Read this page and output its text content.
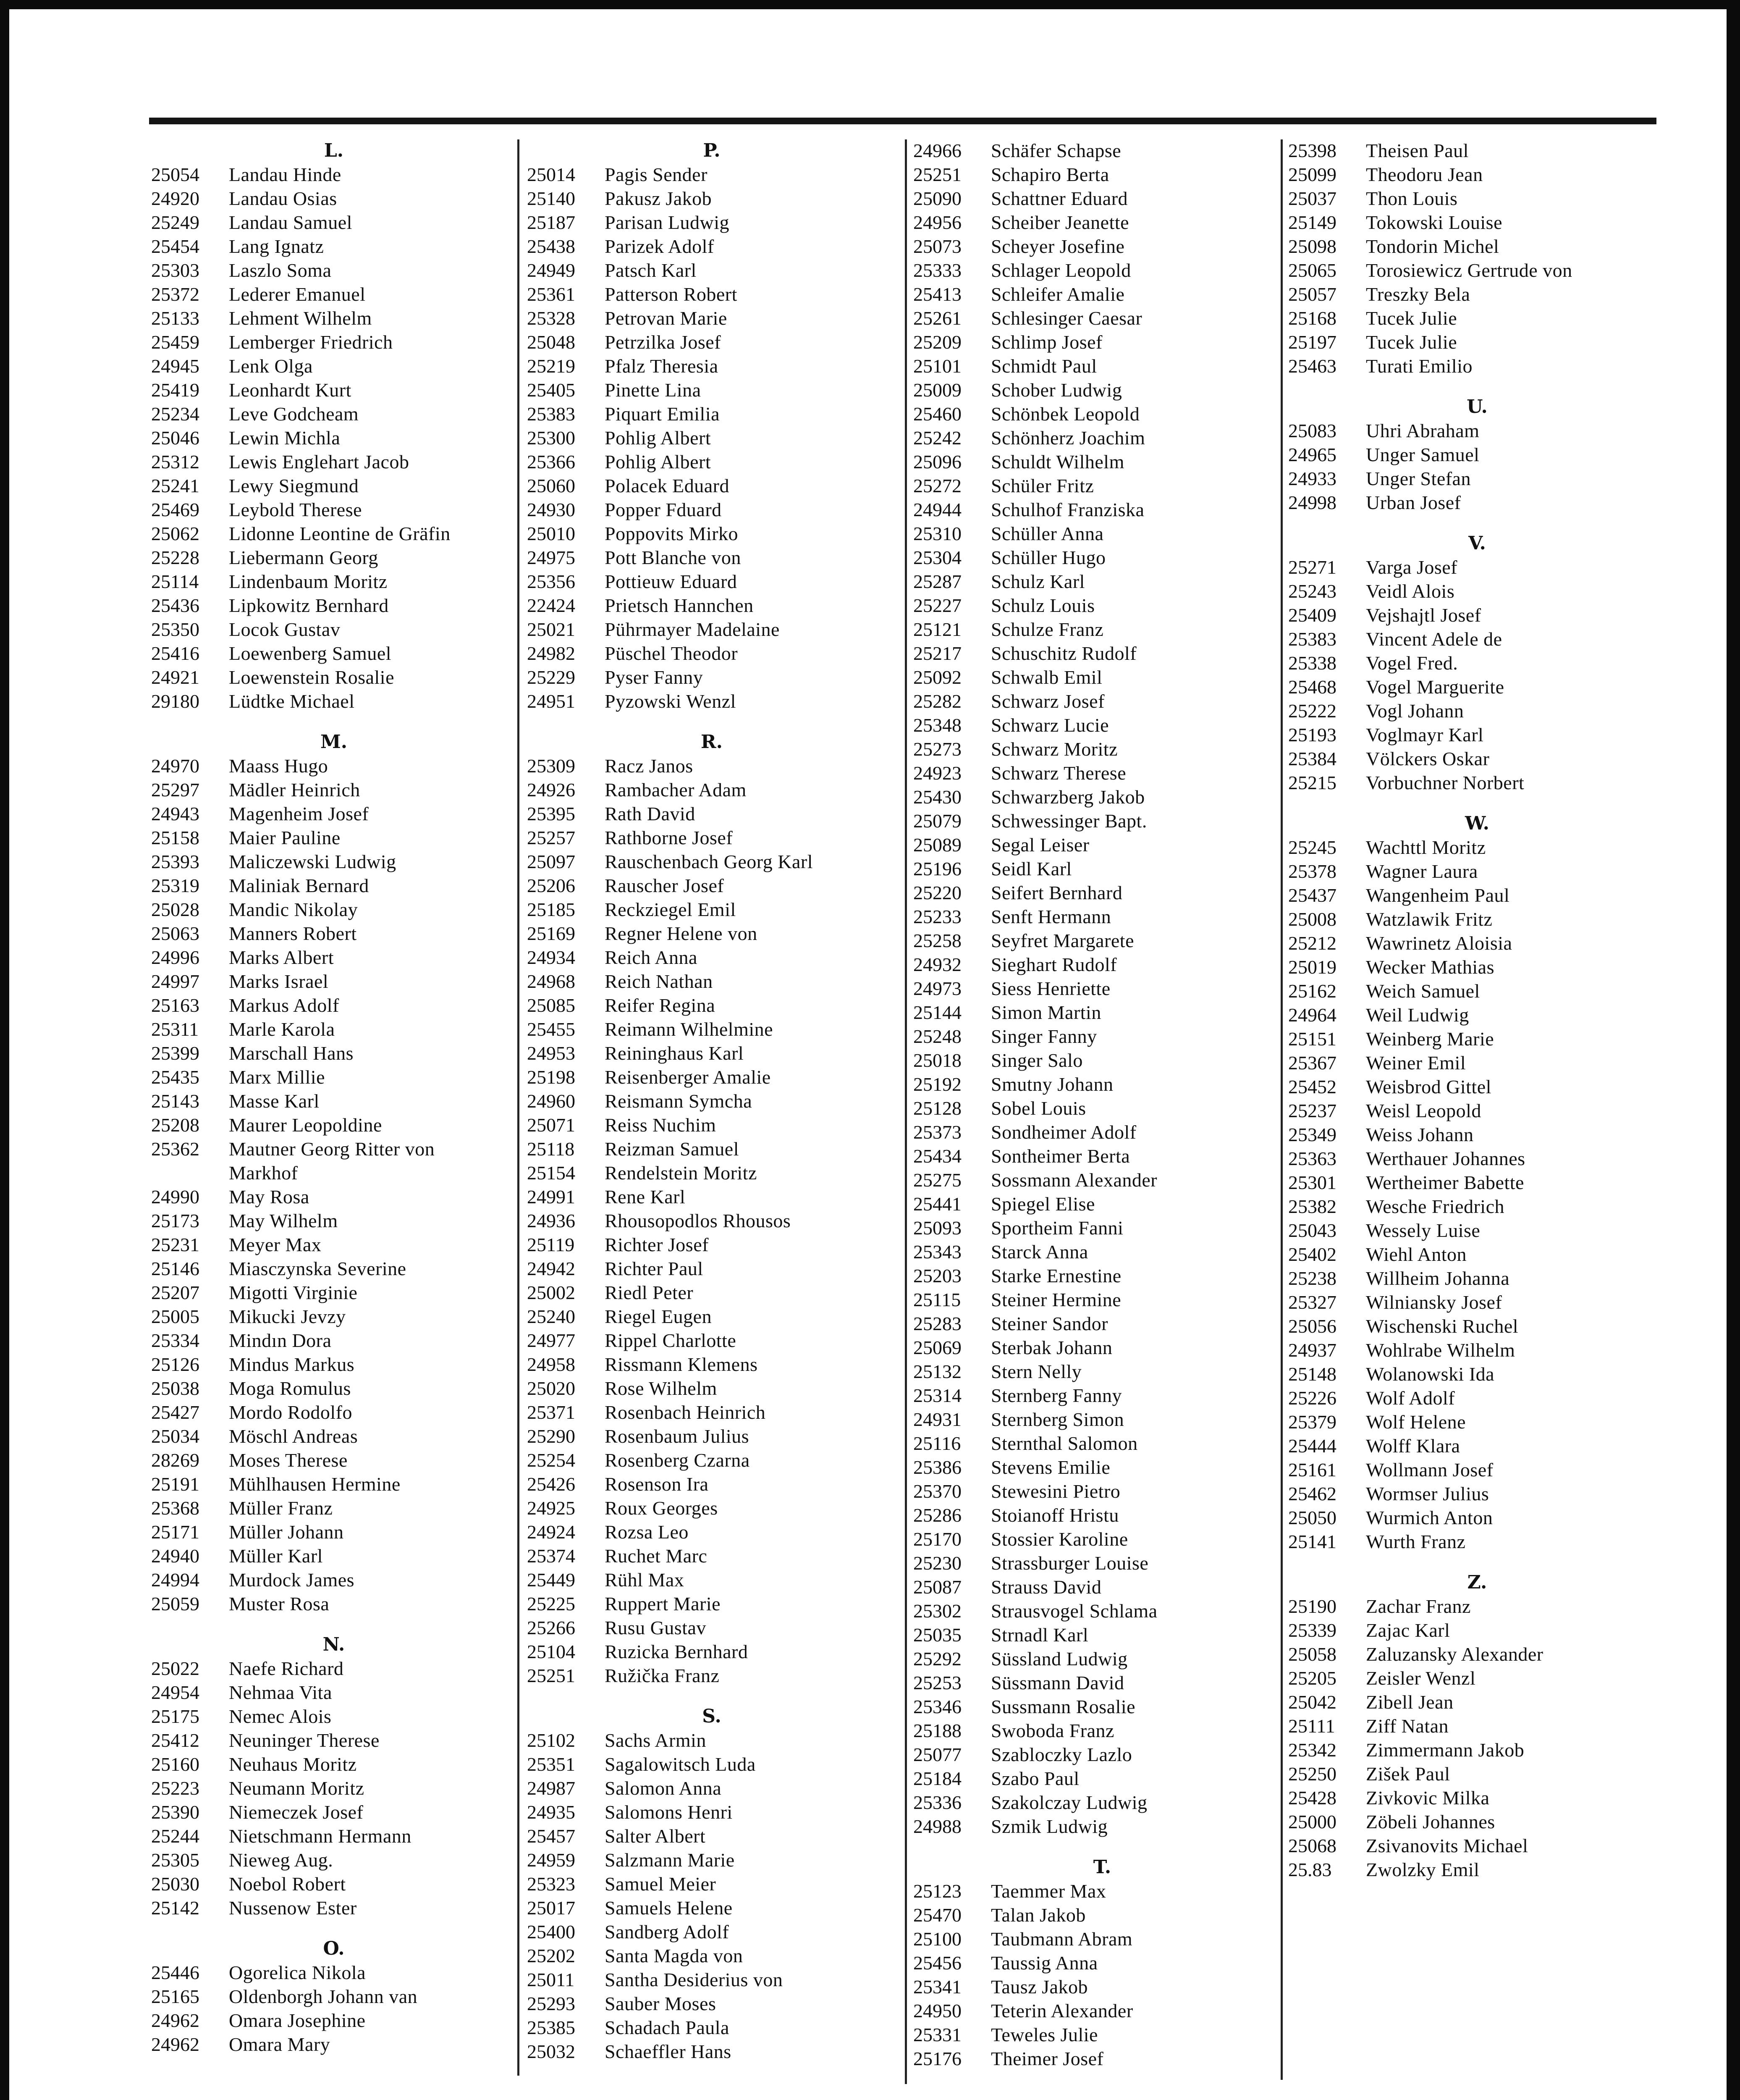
L.
25054 Landau Hinde
24920 Landau Osias
25249 Landau Samuel
25454 Lang Ignatz
25303 Laszlo Soma
25372 Lederer Emanuel
25133 Lehment Wilhelm
25459 Lemberger Friedrich
24945 Lenk Olga
25419 Leonhardt Kurt
25234 Leve Godcheam
25046 Lewin Michla
25312 Lewis Englehart Jacob
25241 Lewy Siegmund
25469 Leybold Therese
25062 Lidonne Leontine de Gräfin
25228 Liebermann Georg
25114 Lindenbaum Moritz
25436 Lipkowitz Bernhard
25350 Locok Gustav
25416 Loewenberg Samuel
24921 Loewenstein Rosalie
29180 Lüdtke Michael
M.
24970 Maass Hugo
25297 Mädler Heinrich
24943 Magenheim Josef
25158 Maier Pauline
25393 Maliczewski Ludwig
25319 Maliniak Bernard
25028 Mandic Nikolay
25063 Manners Robert
24996 Marks Albert
24997 Marks Israel
25163 Markus Adolf
25311 Marle Karola
25399 Marschall Hans
25435 Marx Millie
25143 Masse Karl
25208 Maurer Leopoldine
25362 Mautner Georg Ritter von
Markhof
24990 May Rosa
25173 May Wilhelm
25231 Meyer Max
25146 Miasczynska Severine
25207 Migotti Virginie
25005 Mikucki Jevzy
25334 Mindın Dora
25126 Mindus Markus
25038 Moga Romulus
25427 Mordo Rodolfo
25034 Möschl Andreas
28269 Moses Therese
25191 Mühlhausen Hermine
25368 Müller Franz
25171 Müller Johann
24940 Müller Karl
24994 Murdock James
25059 Muster Rosa
N.
25022 Naefe Richard
24954 Nehmaa Vita
25175 Nemec Alois
25412 Neuninger Therese
25160 Neuhaus Moritz
25223 Neumann Moritz
25390 Niemeczek Josef
25244 Nietschmann Hermann
25305 Nieweg Aug.
25030 Noebol Robert
25142 Nussenow Ester
O.
25446 Ogorelica Nikola
25165 Oldenborgh Johann van
24962 Omara Josephine
24962 Omara Mary
P.
25014 Pagis Sender
25140 Pakusz Jakob
25187 Parisan Ludwig
25438 Parizek Adolf
24949 Patsch Karl
25361 Patterson Robert
25328 Petrovan Marie
25048 Petrzilka Josef
25219 Pfalz Theresia
25405 Pinette Lina
25383 Piquart Emilia
25300 Pohlig Albert
25366 Pohlig Albert
25060 Polacek Eduard
24930 Popper Fduard
25010 Poppovits Mirko
24975 Pott Blanche von
25356 Pottieuw Eduard
22424 Prietsch Hannchen
25021 Pührmayer Madelaine
24982 Püschel Theodor
25229 Pyser Fanny
24951 Pyzowski Wenzl
R.
25309 Racz Janos
24926 Rambacher Adam
25395 Rath David
25257 Rathborne Josef
25097 Rauschenbach Georg Karl
25206 Rauscher Josef
25185 Reckziegel Emil
25169 Regner Helene von
24934 Reich Anna
24968 Reich Nathan
25085 Reifer Regina
25455 Reimann Wilhelmine
24953 Reininghaus Karl
25198 Reisenberger Amalie
24960 Reismann Symcha
25071 Reiss Nuchim
25118 Reizman Samuel
25154 Rendelstein Moritz
24991 Rene Karl
24936 Rhousopodlos Rhousos
25119 Richter Josef
24942 Richter Paul
25002 Riedl Peter
25240 Riegel Eugen
24977 Rippel Charlotte
24958 Rissmann Klemens
25020 Rose Wilhelm
25371 Rosenbach Heinrich
25290 Rosenbaum Julius
25254 Rosenberg Czarna
25426 Rosenson Ira
24925 Roux Georges
24924 Rozsa Leo
25374 Ruchet Marc
25449 Rühl Max
25225 Ruppert Marie
25266 Rusu Gustav
25104 Ruzicka Bernhard
25251 Ružička Franz
S.
25102 Sachs Armin
25351 Sagalowitsch Luda
24987 Salomon Anna
24935 Salomons Henri
25457 Salter Albert
24959 Salzmann Marie
25323 Samuel Meier
25017 Samuels Helene
25400 Sandberg Adolf
25202 Santa Magda von
25011 Santha Desiderius von
25293 Sauber Moses
25385 Schadach Paula
25032 Schaeffler Hans
24966 Schäfer Schapse
25251 Schapiro Berta
25090 Schattner Eduard
24956 Scheiber Jeanette
25073 Scheyer Josefine
25333 Schlager Leopold
25413 Schleifer Amalie
25261 Schlesinger Caesar
25209 Schlimp Josef
25101 Schmidt Paul
25009 Schober Ludwig
25460 Schönbek Leopold
25242 Schönherz Joachim
25096 Schuldt Wilhelm
25272 Schüler Fritz
24944 Schulhof Franziska
25310 Schüller Anna
25304 Schüller Hugo
25287 Schulz Karl
25227 Schulz Louis
25121 Schulze Franz
25217 Schuschitz Rudolf
25092 Schwalb Emil
25282 Schwarz Josef
25348 Schwarz Lucie
25273 Schwarz Moritz
24923 Schwarz Therese
25430 Schwarzberg Jakob
25079 Schwessinger Bapt.
25089 Segal Leiser
25196 Seidl Karl
25220 Seifert Bernhard
25233 Senft Hermann
25258 Seyfret Margarete
24932 Sieghart Rudolf
24973 Siess Henriette
25144 Simon Martin
25248 Singer Fanny
25018 Singer Salo
25192 Smutny Johann
25128 Sobel Louis
25373 Sondheimer Adolf
25434 Sontheimer Berta
25275 Sossmann Alexander
25441 Spiegel Elise
25093 Sportheim Fanni
25343 Starck Anna
25203 Starke Ernestine
25115 Steiner Hermine
25283 Steiner Sandor
25069 Sterbak Johann
25132 Stern Nelly
25314 Sternberg Fanny
24931 Sternberg Simon
25116 Sternthal Salomon
25386 Stevens Emilie
25370 Stewesini Pietro
25286 Stoianoff Hristu
25170 Stossier Karoline
25230 Strassburger Louise
25087 Strauss David
25302 Strausvogel Schlama
25035 Strnadl Karl
25292 Süssland Ludwig
25253 Süssmann David
25346 Sussmann Rosalie
25188 Swoboda Franz
25077 Szabloczky Lazlo
25184 Szabo Paul
25336 Szakolczay Ludwig
24988 Szmik Ludwig
T.
25123 Taemmer Max
25470 Talan Jakob
25100 Taubmann Abram
25456 Taussig Anna
25341 Tausz Jakob
24950 Teterin Alexander
25331 Teweles Julie
25176 Theimer Josef
25398 Theisen Paul
25099 Theodoru Jean
25037 Thon Louis
25149 Tokowski Louise
25098 Tondorin Michel
25065 Torosiewicz Gertrude von
25057 Treszky Bela
25168 Tucek Julie
25197 Tucek Julie
25463 Turati Emilio
U.
25083 Uhri Abraham
24965 Unger Samuel
24933 Unger Stefan
24998 Urban Josef
V.
25271 Varga Josef
25243 Veidl Alois
25409 Vejshajtl Josef
25383 Vincent Adele de
25338 Vogel Fred.
25468 Vogel Marguerite
25222 Vogl Johann
25193 Voglmayr Karl
25384 Völckers Oskar
25215 Vorbuchner Norbert
W.
25245 Wachttl Moritz
25378 Wagner Laura
25437 Wangenheim Paul
25008 Watzlawik Fritz
25212 Wawrinetz Aloisia
25019 Wecker Mathias
25162 Weich Samuel
24964 Weil Ludwig
25151 Weinberg Marie
25367 Weiner Emil
25452 Weisbrod Gittel
25237 Weisl Leopold
25349 Weiss Johann
25363 Werthauer Johannes
25301 Wertheimer Babette
25382 Wesche Friedrich
25043 Wessely Luise
25402 Wiehl Anton
25238 Willheim Johanna
25327 Wilniansky Josef
25056 Wischenski Ruchel
24937 Wohlrabe Wilhelm
25148 Wolanowski Ida
25226 Wolf Adolf
25379 Wolf Helene
25444 Wolff Klara
25161 Wollmann Josef
25462 Wormser Julius
25050 Wurmich Anton
25141 Wurth Franz
Z.
25190 Zachar Franz
25339 Zajac Karl
25058 Zaluzansky Alexander
25205 Zeisler Wenzl
25042 Zibell Jean
25111 Ziff Natan
25342 Zimmermann Jakob
25250 Zišek Paul
25428 Zivkovic Milka
25000 Zöbeli Johannes
25068 Zsivanovits Michael
25.83 Zwolzky Emil
